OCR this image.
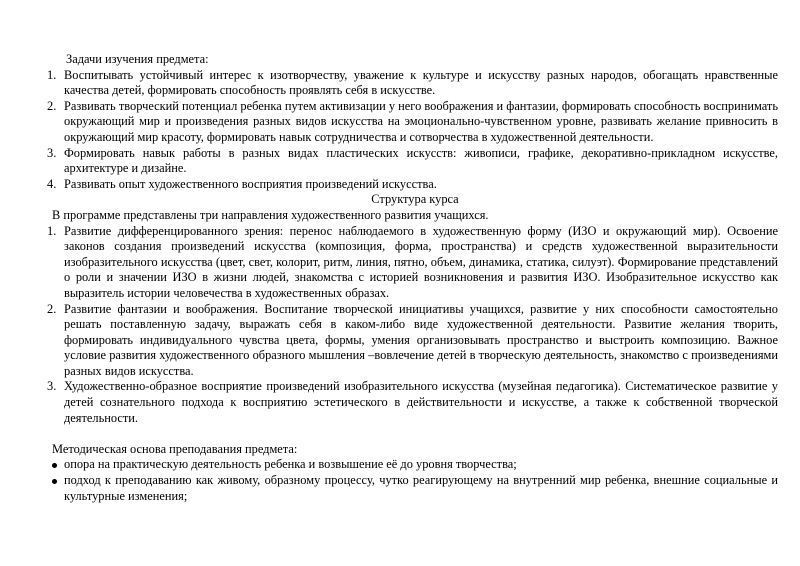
Задачи изучения предмета:

1. Воспитывать устойчивый интерес к изотворчеству, уважение к культуре и искусству разных народов, обогащать нравственные качества детей, формировать способность проявлять себя в искусстве.
2. Развивать творческий потенциал ребенка путем активизации у него воображения и фантазии, формировать способность воспринимать окружающий мир и произведения разных видов искусства на эмоционально-чувственном уровне, развивать желание привносить в окружающий мир красоту, формировать навык сотрудничества и сотворчества в художественной деятельности.
3. Формировать навык работы в разных видах пластических искусств: живописи, графике, декоративно-прикладном искусстве, архитектуре и дизайне.
4. Развивать опыт художественного восприятия произведений искусства.

Структура курса

В программе представлены три направления художественного развития учащихся.

1. Развитие дифференцированного зрения: перенос наблюдаемого в художественную форму (ИЗО и окружающий мир). Освоение законов создания произведений искусства (композиция, форма, пространства) и средств художественной выразительности изобразительного искусства (цвет, свет, колорит, ритм, линия, пятно, объем, динамика, статика, силуэт). Формирование представлений о роли и значении ИЗО в жизни людей, знакомства с историей возникновения и развития ИЗО. Изобразительное искусство как выразитель истории человечества в художественных образах.
2. Развитие фантазии и воображения. Воспитание творческой инициативы учащихся, развитие у них способности самостоятельно решать поставленную задачу, выражать себя в каком-либо виде художественной деятельности. Развитие желания творить, формировать индивидуального чувства цвета, формы, умения организовывать пространство и выстроить композицию. Важное условие развития художественного образного мышления –вовлечение детей в творческую деятельность, знакомство с произведениями разных видов искусства.
3. Художественно-образное восприятие произведений изобразительного искусства (музейная педагогика). Систематическое развитие у детей сознательного подхода к восприятию эстетического в действительности и искусстве, а также к собственной творческой деятельности.

Методическая основа преподавания предмета:

опора на практическую деятельность ребенка и возвышение её до уровня творчества;
подход к преподаванию как живому, образному процессу, чутко реагирующему на внутренний мир ребенка, внешние социальные и культурные изменения;
